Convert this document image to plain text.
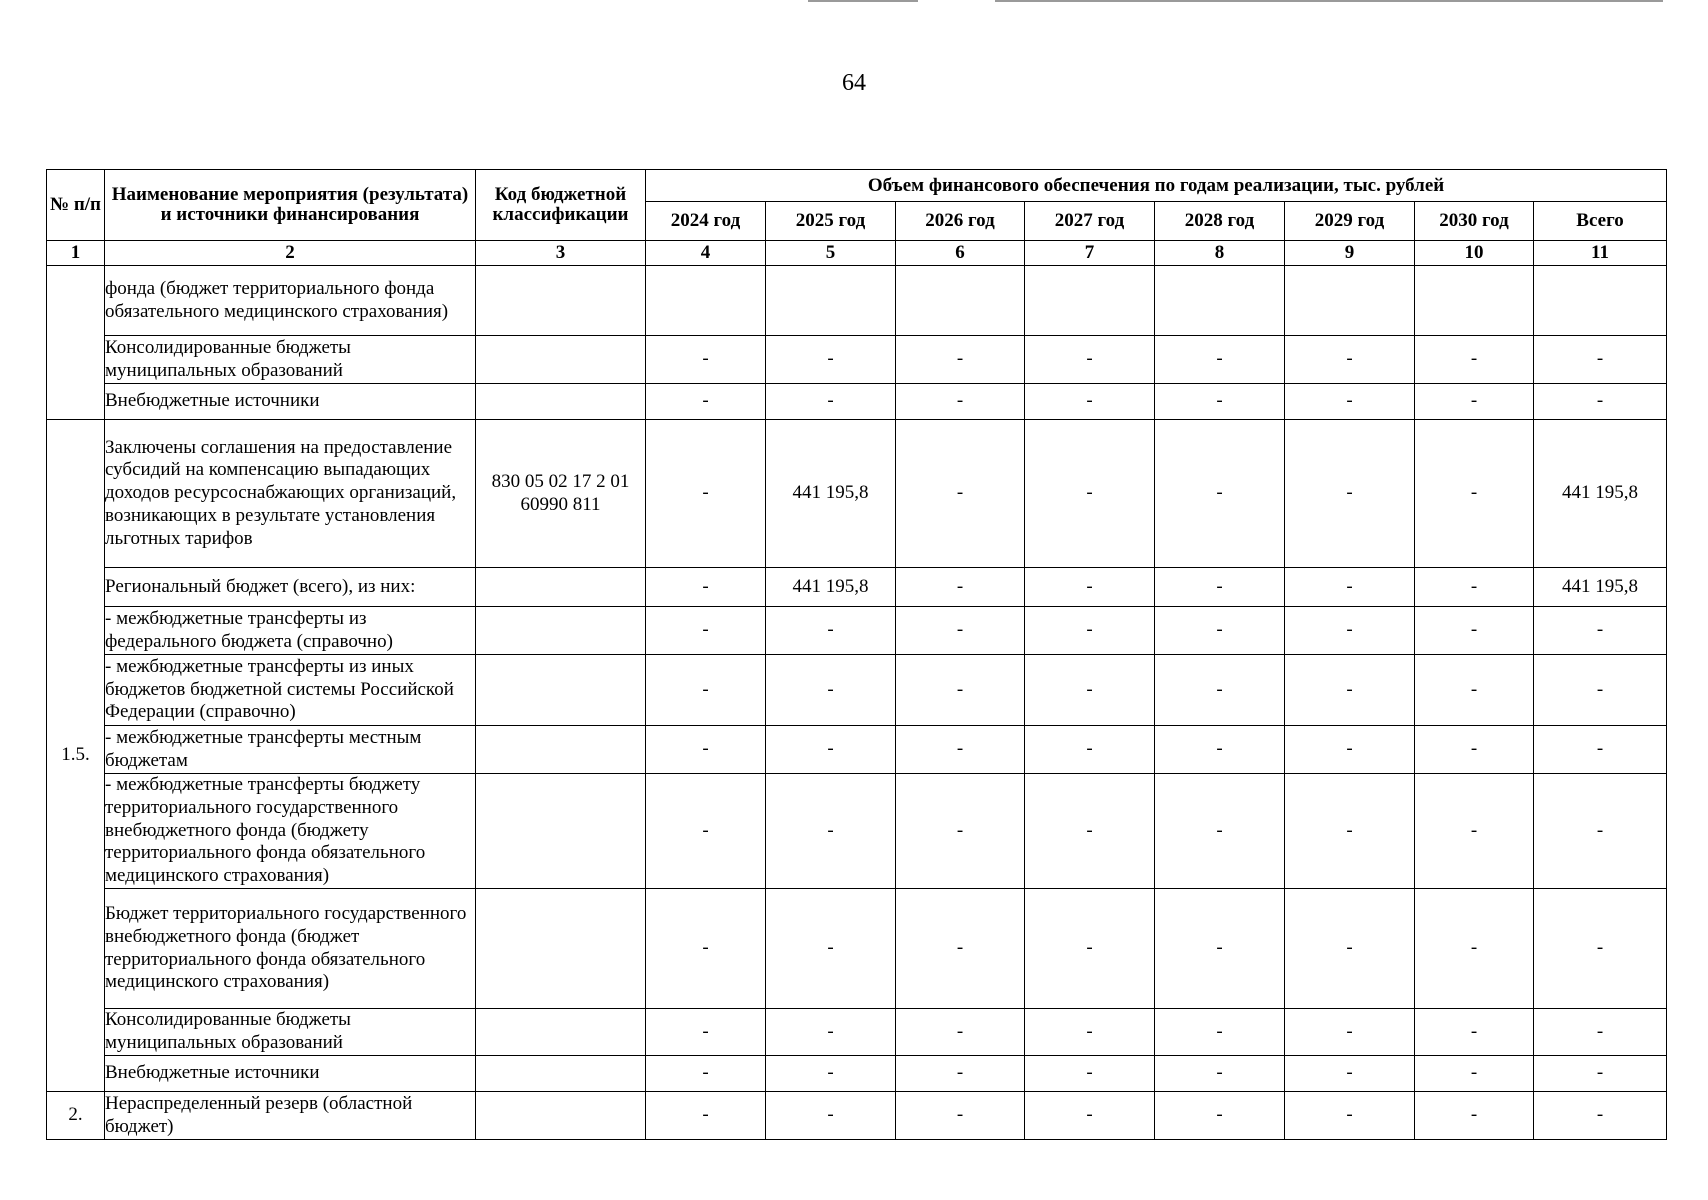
64
№ п/п	Наименование мероприятия (результата) и источники финансирования	Код бюджетной классификации	Объем финансового обеспечения по годам реализации, тыс. рублей							
			2024 год	2025 год	2026 год	2027 год	2028 год	2029 год	2030 год	Всего
1	2	3	4	5	6	7	8	9	10	11
	фонда (бюджет территориального фонда обязательного медицинского страхования)									
	Консолидированные бюджеты муниципальных образований		-	-	-	-	-	-	-	-
	Внебюджетные источники		-	-	-	-	-	-	-	-
1.5.	Заключены соглашения на предоставление субсидий на компенсацию выпадающих доходов ресурсоснабжающих организаций, возникающих в результате установления льготных тарифов	830 05 02 17 2 01 60990 811	-	441 195,8	-	-	-	-	-	441 195,8
	Региональный бюджет (всего), из них:		-	441 195,8	-	-	-	-	-	441 195,8
	- межбюджетные трансферты из федерального бюджета (справочно)		-	-	-	-	-	-	-	-
	- межбюджетные трансферты из иных бюджетов бюджетной системы Российской Федерации (справочно)		-	-	-	-	-	-	-	-
	- межбюджетные трансферты местным бюджетам		-	-	-	-	-	-	-	-
	- межбюджетные трансферты бюджету территориального государственного внебюджетного фонда (бюджету территориального фонда обязательного медицинского страхования)		-	-	-	-	-	-	-	-
	Бюджет территориального государственного внебюджетного фонда (бюджет территориального фонда обязательного медицинского страхования)		-	-	-	-	-	-	-	-
	Консолидированные бюджеты муниципальных образований		-	-	-	-	-	-	-	-
	Внебюджетные источники		-	-	-	-	-	-	-	-
2.	Нераспределенный резерв (областной бюджет)		-	-	-	-	-	-	-	-
